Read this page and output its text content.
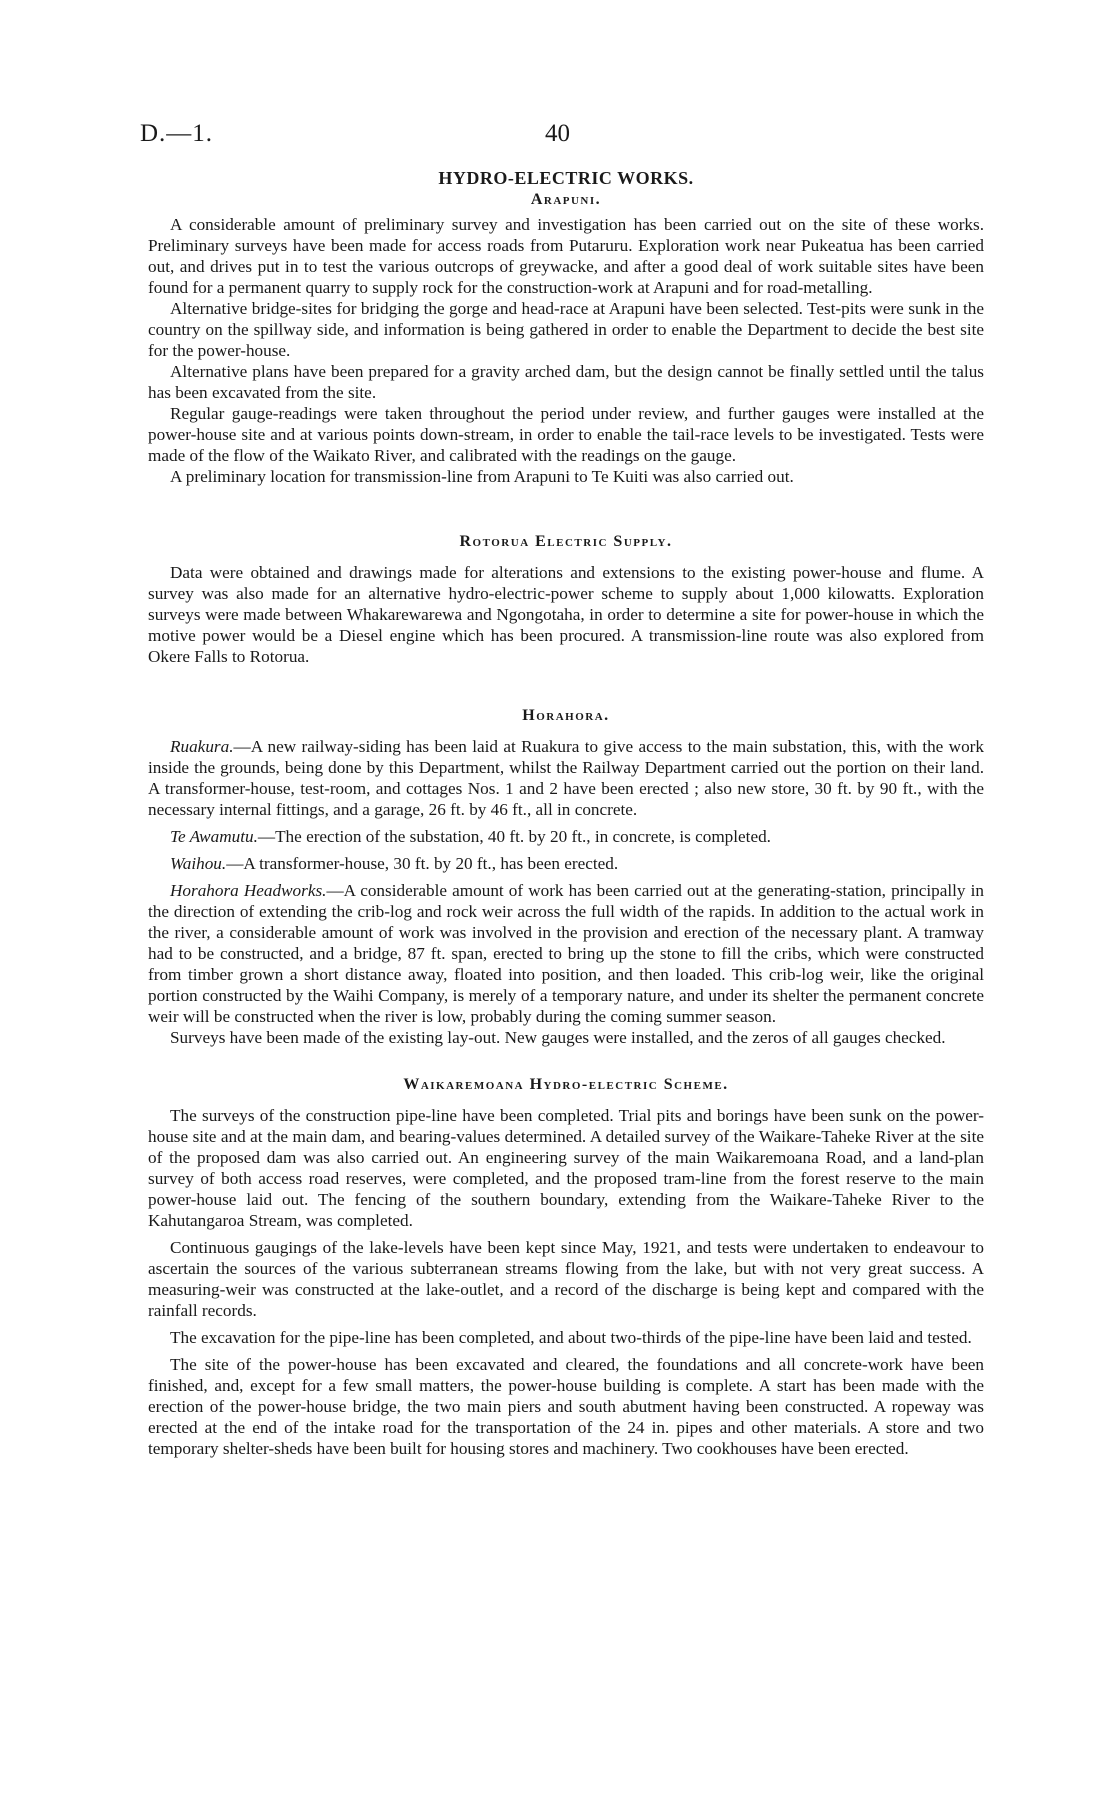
D.—1.	40
HYDRO-ELECTRIC WORKS.
Arapuni.

A considerable amount of preliminary survey and investigation has been carried out on the site of these works. Preliminary surveys have been made for access roads from Putaruru. Exploration work near Pukeatua has been carried out, and drives put in to test the various outcrops of greywacke, and after a good deal of work suitable sites have been found for a permanent quarry to supply rock for the construction-work at Arapuni and for road-metalling.

Alternative bridge-sites for bridging the gorge and head-race at Arapuni have been selected. Test-pits were sunk in the country on the spillway side, and information is being gathered in order to enable the Department to decide the best site for the power-house.

Alternative plans have been prepared for a gravity arched dam, but the design cannot be finally settled until the talus has been excavated from the site.

Regular gauge-readings were taken throughout the period under review, and further gauges were installed at the power-house site and at various points down-stream, in order to enable the tail-race levels to be investigated. Tests were made of the flow of the Waikato River, and calibrated with the readings on the gauge.

A preliminary location for transmission-line from Arapuni to Te Kuiti was also carried out.

Rotorua Electric Supply.

Data were obtained and drawings made for alterations and extensions to the existing power-house and flume. A survey was also made for an alternative hydro-electric-power scheme to supply about 1,000 kilowatts. Exploration surveys were made between Whakarewarewa and Ngongotaha, in order to determine a site for power-house in which the motive power would be a Diesel engine which has been procured. A transmission-line route was also explored from Okere Falls to Rotorua.

Horahora.

Ruakura.—A new railway-siding has been laid at Ruakura to give access to the main substation, this, with the work inside the grounds, being done by this Department, whilst the Railway Department carried out the portion on their land. A transformer-house, test-room, and cottages Nos. 1 and 2 have been erected ; also new store, 30 ft. by 90 ft., with the necessary internal fittings, and a garage, 26 ft. by 46 ft., all in concrete.

Te Awamutu.—The erection of the substation, 40 ft. by 20 ft., in concrete, is completed.

Waihou.—A transformer-house, 30 ft. by 20 ft., has been erected.

Horahora Headworks.—A considerable amount of work has been carried out at the generating-station, principally in the direction of extending the crib-log and rock weir across the full width of the rapids. In addition to the actual work in the river, a considerable amount of work was involved in the provision and erection of the necessary plant. A tramway had to be constructed, and a bridge, 87 ft. span, erected to bring up the stone to fill the cribs, which were constructed from timber grown a short distance away, floated into position, and then loaded. This crib-log weir, like the original portion constructed by the Waihi Company, is merely of a temporary nature, and under its shelter the permanent concrete weir will be constructed when the river is low, probably during the coming summer season.

Surveys have been made of the existing lay-out. New gauges were installed, and the zeros of all gauges checked.

Waikaremoana Hydro-electric Scheme.

The surveys of the construction pipe-line have been completed. Trial pits and borings have been sunk on the power-house site and at the main dam, and bearing-values determined. A detailed survey of the Waikare-Taheke River at the site of the proposed dam was also carried out. An engineering survey of the main Waikaremoana Road, and a land-plan survey of both access road reserves, were completed, and the proposed tram-line from the forest reserve to the main power-house laid out. The fencing of the southern boundary, extending from the Waikare-Taheke River to the Kahutangaroa Stream, was completed.

Continuous gaugings of the lake-levels have been kept since May, 1921, and tests were undertaken to endeavour to ascertain the sources of the various subterranean streams flowing from the lake, but with not very great success. A measuring-weir was constructed at the lake-outlet, and a record of the discharge is being kept and compared with the rainfall records.

The excavation for the pipe-line has been completed, and about two-thirds of the pipe-line have been laid and tested.

The site of the power-house has been excavated and cleared, the foundations and all concrete-work have been finished, and, except for a few small matters, the power-house building is complete. A start has been made with the erection of the power-house bridge, the two main piers and south abutment having been constructed. A ropeway was erected at the end of the intake road for the transportation of the 24 in. pipes and other materials. A store and two temporary shelter-sheds have been built for housing stores and machinery. Two cookhouses have been erected.
